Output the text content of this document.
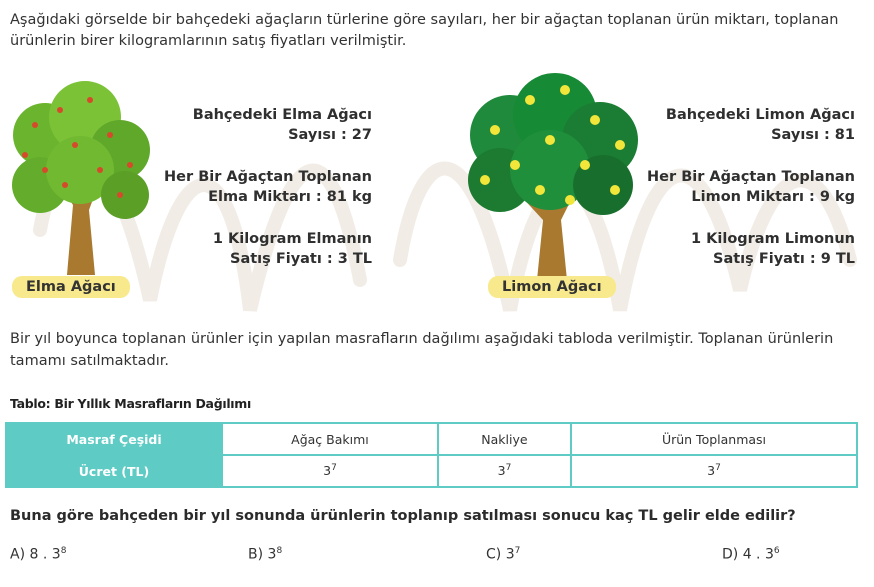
Aşağıdaki görselde bir bahçedeki ağaçların türlerine göre sayıları, her bir ağaçtan toplanan ürün miktarı, toplanan ürünlerin birer kilogramlarının satış fiyatları verilmiştir.
Elma Ağacı
Bahçedeki Elma Ağacı
Sayısı : 27
Her Bir Ağaçtan Toplanan
Elma Miktarı : 81 kg
1 Kilogram Elmanın
Satış Fiyatı : 3 TL
Limon Ağacı
Bahçedeki Limon Ağacı
Sayısı : 81
Her Bir Ağaçtan Toplanan
Limon Miktarı : 9 kg
1 Kilogram Limonun
Satış Fiyatı : 9 TL
Bir yıl boyunca toplanan ürünler için yapılan masrafların dağılımı aşağıdaki tabloda verilmiştir. Toplanan ürünlerin tamamı satılmaktadır.
Tablo: Bir Yıllık Masrafların Dağılımı
Masraf Çeşidi	Ağaç Bakımı	Nakliye	Ürün Toplanması
Ücret (TL)	$3^7$	$3^7$	$3^7$
Buna göre bahçeden bir yıl sonunda ürünlerin toplanıp satılması sonucu kaç TL gelir elde edilir?
A) 8 . $3^8$	B) $3^8$	C) $3^7$	D) 4 . $3^6$
